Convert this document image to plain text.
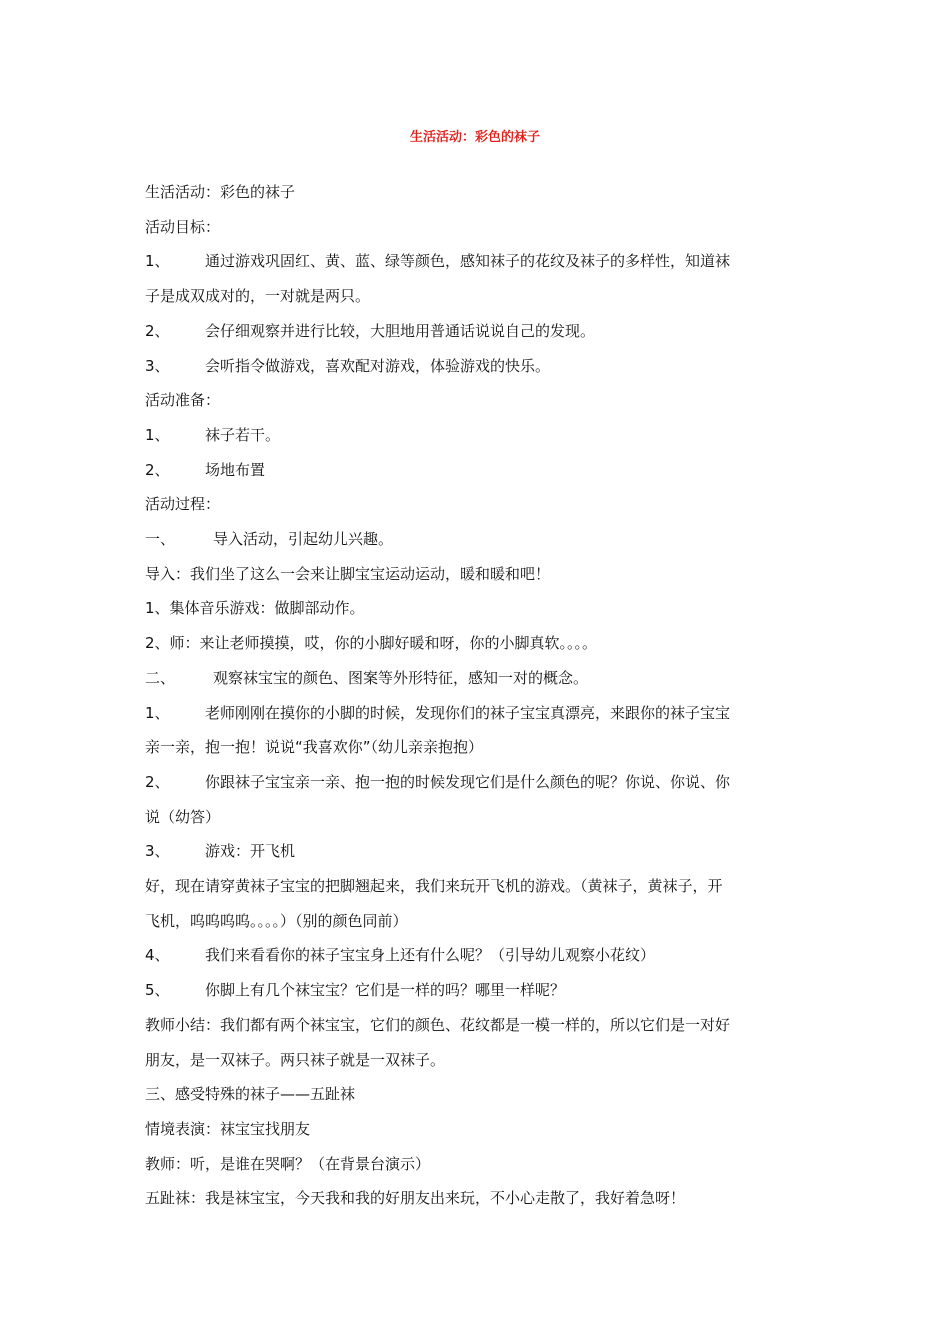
生活活动：彩色的袜子
生活活动：彩色的袜子
活动目标：
1、 通过游戏巩固红、黄、蓝、绿等颜色，感知袜子的花纹及袜子的多样性，知道袜
子是成双成对的，一对就是两只。
2、 会仔细观察并进行比较，大胆地用普通话说说自己的发现。
3、 会听指令做游戏，喜欢配对游戏，体验游戏的快乐。
活动准备：
1、 袜子若干。
2、 场地布置
活动过程：
一、	导入活动，引起幼儿兴趣。
导入：我们坐了这么一会来让脚宝宝运动运动，暖和暖和吧！
1、集体音乐游戏：做脚部动作。
2、师：来让老师摸摸，哎，你的小脚好暖和呀，你的小脚真软。。。。
二、	观察袜宝宝的颜色、图案等外形特征，感知一对的概念。
1、 老师刚刚在摸你的小脚的时候，发现你们的袜子宝宝真漂亮，来跟你的袜子宝宝
亲一亲，抱一抱！说说“我喜欢你”（幼儿亲亲抱抱）
2、 你跟袜子宝宝亲一亲、抱一抱的时候发现它们是什么颜色的呢？你说、你说、你
说（幼答）
3、 游戏：开飞机
好，现在请穿黄袜子宝宝的把脚翘起来，我们来玩开飞机的游戏。（黄袜子，黄袜子，开
飞机，呜呜呜呜。。。。）（别的颜色同前）
4、 我们来看看你的袜子宝宝身上还有什么呢？（引导幼儿观察小花纹）
5、 你脚上有几个袜宝宝？它们是一样的吗？哪里一样呢？
教师小结：我们都有两个袜宝宝，它们的颜色、花纹都是一模一样的，所以它们是一对好
朋友，是一双袜子。两只袜子就是一双袜子。
三、感受特殊的袜子——五趾袜
情境表演：袜宝宝找朋友
教师：听，是谁在哭啊？（在背景台演示）
五趾袜：我是袜宝宝，今天我和我的好朋友出来玩，不小心走散了，我好着急呀！
